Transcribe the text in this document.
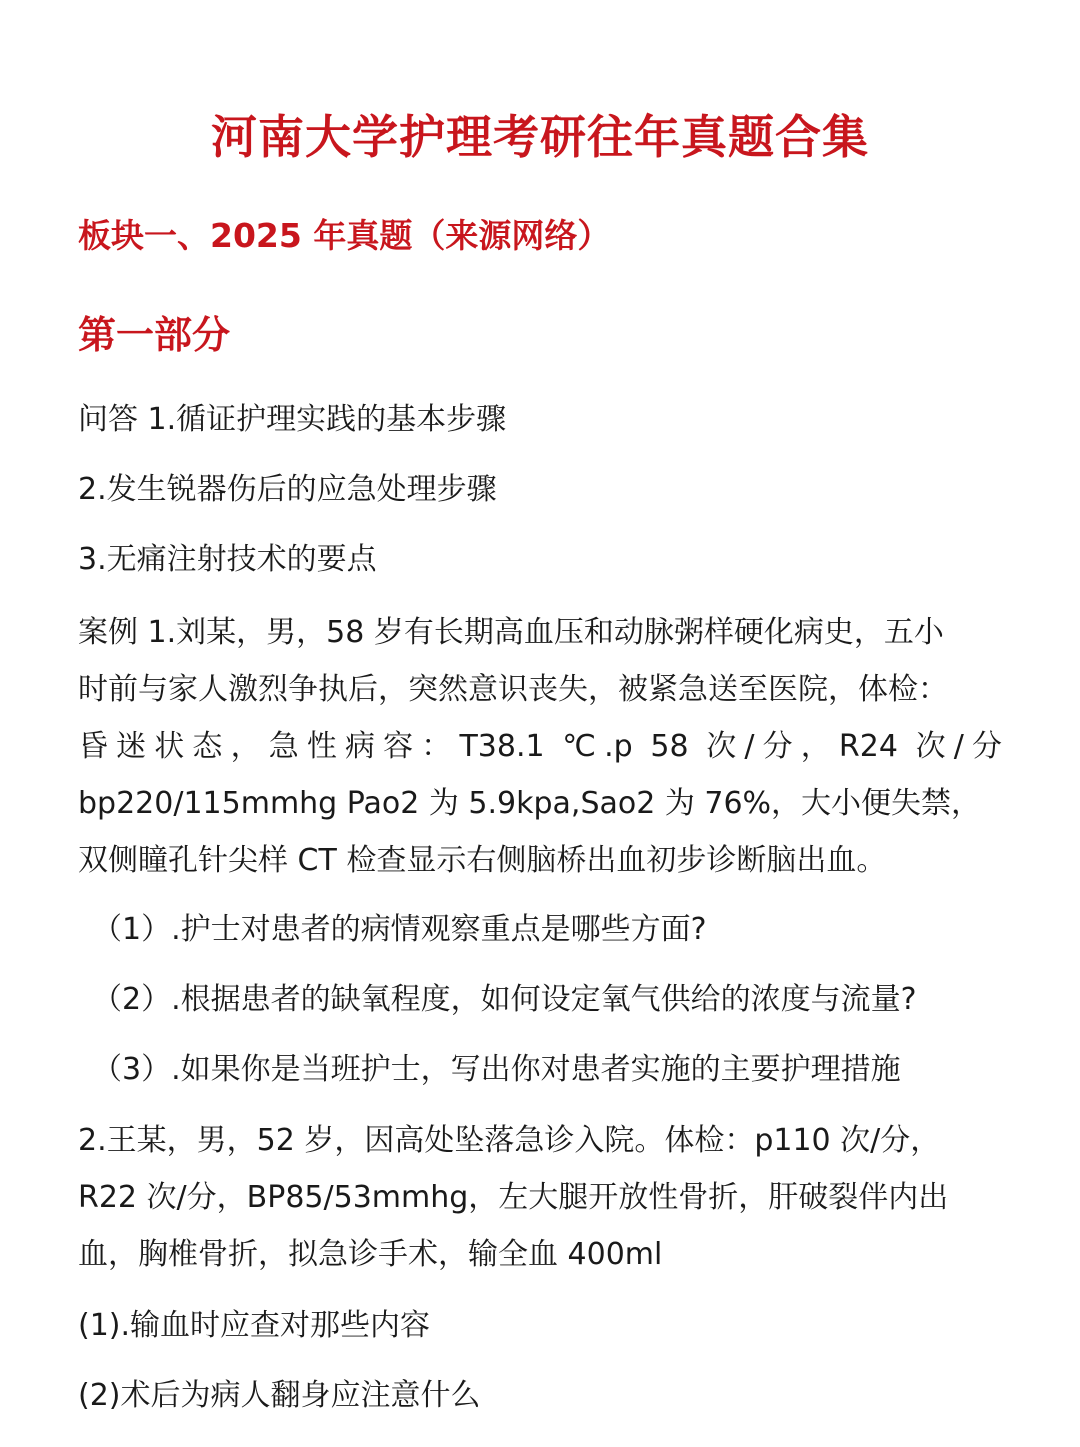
河南大学护理考研往年真题合集
板块一、2025 年真题（来源网络）
第一部分
问答 1.循证护理实践的基本步骤
2.发生锐器伤后的应急处理步骤
3.无痛注射技术的要点
案例 1.刘某，男，58 岁有长期高血压和动脉粥样硬化病史，五小
时前与家人激烈争执后，突然意识丧失，被紧急送至医院，体检：
昏迷状态，急性病容：T38.1 ℃.p 58 次/分，R24 次/分
bp220/115mmhg Pao2 为 5.9kpa,Sao2 为 76%，大小便失禁，
双侧瞳孔针尖样 CT 检查显示右侧脑桥出血初步诊断脑出血。
（1）.护士对患者的病情观察重点是哪些方面?
（2）.根据患者的缺氧程度，如何设定氧气供给的浓度与流量?
（3）.如果你是当班护士，写出你对患者实施的主要护理措施
2.王某，男，52 岁，因高处坠落急诊入院。体检：p110 次/分，
R22 次/分，BP85/53mmhg，左大腿开放性骨折，肝破裂伴内出
血，胸椎骨折，拟急诊手术，输全血 400ml
(1).输血时应查对那些内容
(2)术后为病人翻身应注意什么
